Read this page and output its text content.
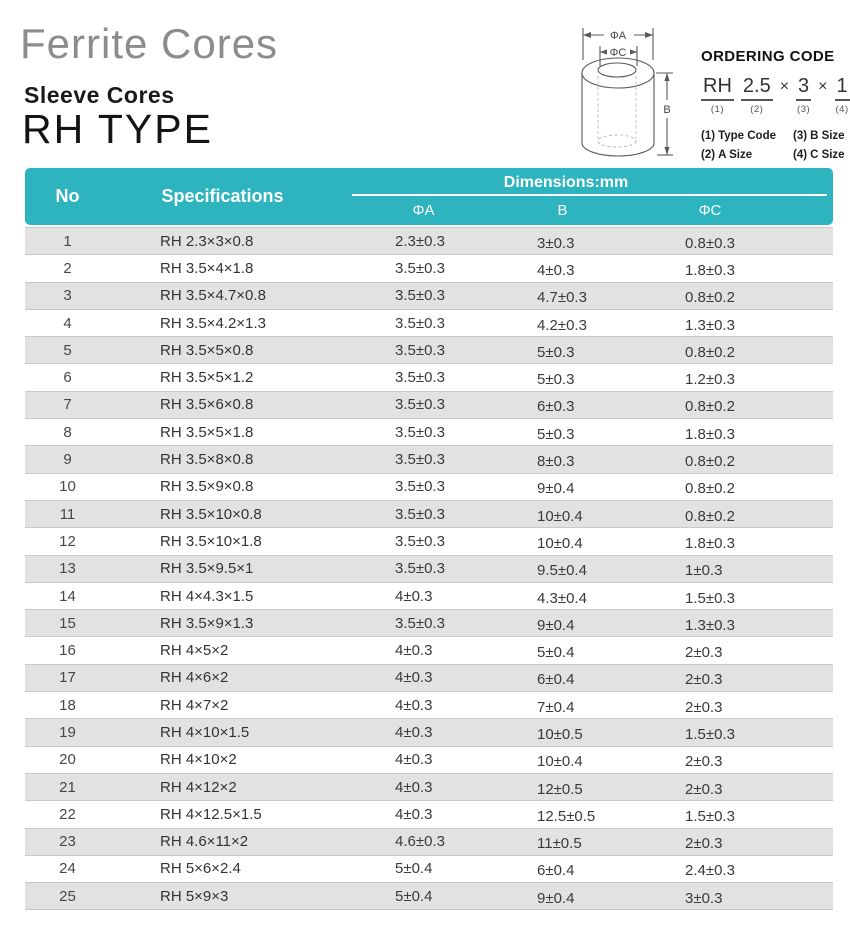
Ferrite Cores
Sleeve Cores
RH TYPE
ΦA
ΦC
B
ORDERING CODE
RH
(1)
2.5
(2)
× 3
(3)
× 1
(4)
(1) Type Code	(3) B Size
(2) A Size	(4) C Size
No	Specifications
Dimensions:mm
ΦA	B	ΦC
1	RH 2.3×3×0.8	2.3±0.3	3±0.3	0.8±0.3
2	RH 3.5×4×1.8	3.5±0.3	4±0.3	1.8±0.3
3	RH 3.5×4.7×0.8	3.5±0.3	4.7±0.3	0.8±0.2
4	RH 3.5×4.2×1.3	3.5±0.3	4.2±0.3	1.3±0.3
5	RH 3.5×5×0.8	3.5±0.3	5±0.3	0.8±0.2
6	RH 3.5×5×1.2	3.5±0.3	5±0.3	1.2±0.3
7	RH 3.5×6×0.8	3.5±0.3	6±0.3	0.8±0.2
8	RH 3.5×5×1.8	3.5±0.3	5±0.3	1.8±0.3
9	RH 3.5×8×0.8	3.5±0.3	8±0.3	0.8±0.2
10	RH 3.5×9×0.8	3.5±0.3	9±0.4	0.8±0.2
11	RH 3.5×10×0.8	3.5±0.3	10±0.4	0.8±0.2
12	RH 3.5×10×1.8	3.5±0.3	10±0.4	1.8±0.3
13	RH 3.5×9.5×1	3.5±0.3	9.5±0.4	1±0.3
14	RH 4×4.3×1.5	4±0.3	4.3±0.4	1.5±0.3
15	RH 3.5×9×1.3	3.5±0.3	9±0.4	1.3±0.3
16	RH 4×5×2	4±0.3	5±0.4	2±0.3
17	RH 4×6×2	4±0.3	6±0.4	2±0.3
18	RH 4×7×2	4±0.3	7±0.4	2±0.3
19	RH 4×10×1.5	4±0.3	10±0.5	1.5±0.3
20	RH 4×10×2	4±0.3	10±0.4	2±0.3
21	RH 4×12×2	4±0.3	12±0.5	2±0.3
22	RH 4×12.5×1.5	4±0.3	12.5±0.5	1.5±0.3
23	RH 4.6×11×2	4.6±0.3	11±0.5	2±0.3
24	RH 5×6×2.4	5±0.4	6±0.4	2.4±0.3
25	RH 5×9×3	5±0.4	9±0.4	3±0.3
